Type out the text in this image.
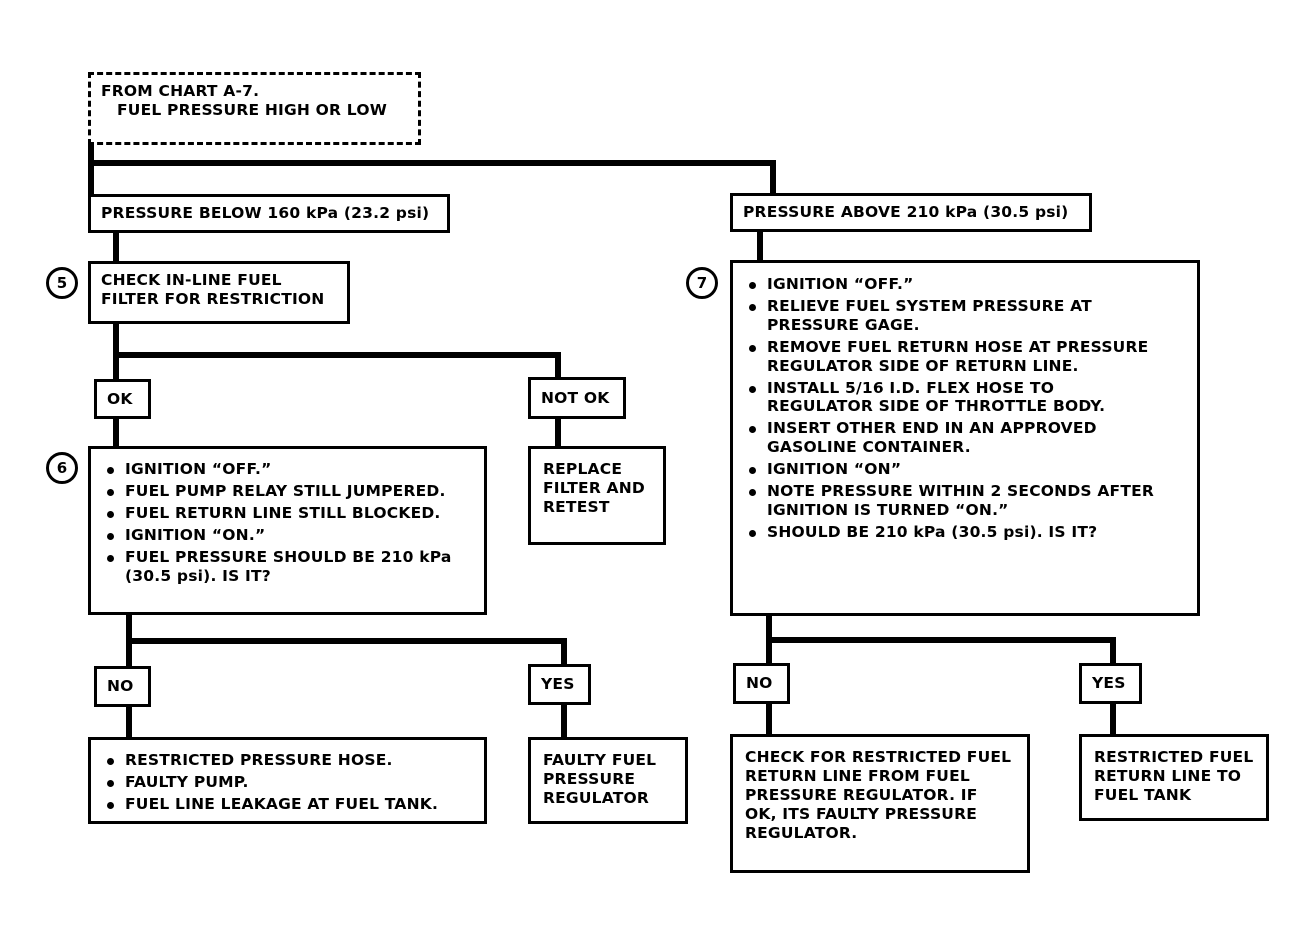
FROM CHART A-7.
FUEL PRESSURE HIGH OR LOW
PRESSURE BELOW 160 kPa (23.2 psi)	PRESSURE ABOVE 210 kPa (30.5 psi)
5	CHECK IN-LINE FUEL
FILTER FOR RESTRICTION
OK	NOT OK
6	IGNITION “OFF.”
FUEL PUMP RELAY STILL JUMPERED.
FUEL RETURN LINE STILL BLOCKED.
IGNITION “ON.”
FUEL PRESSURE SHOULD BE 210 kPa
(30.5 psi). IS IT?
REPLACE
FILTER AND
RETEST
NO	YES
RESTRICTED PRESSURE HOSE.
FAULTY PUMP.
FUEL LINE LEAKAGE AT FUEL TANK.
FAULTY FUEL
PRESSURE
REGULATOR
7	IGNITION “OFF.”
RELIEVE FUEL SYSTEM PRESSURE AT
PRESSURE GAGE.
REMOVE FUEL RETURN HOSE AT PRESSURE
REGULATOR SIDE OF RETURN LINE.
INSTALL 5/16 I.D. FLEX HOSE TO
REGULATOR SIDE OF THROTTLE BODY.
INSERT OTHER END IN AN APPROVED
GASOLINE CONTAINER.
IGNITION “ON”
NOTE PRESSURE WITHIN 2 SECONDS AFTER
IGNITION IS TURNED “ON.”
SHOULD BE 210 kPa (30.5 psi). IS IT?
NO	YES
CHECK FOR RESTRICTED FUEL
RETURN LINE FROM FUEL
PRESSURE REGULATOR. IF
OK, ITS FAULTY PRESSURE
REGULATOR.
RESTRICTED FUEL
RETURN LINE TO
FUEL TANK
